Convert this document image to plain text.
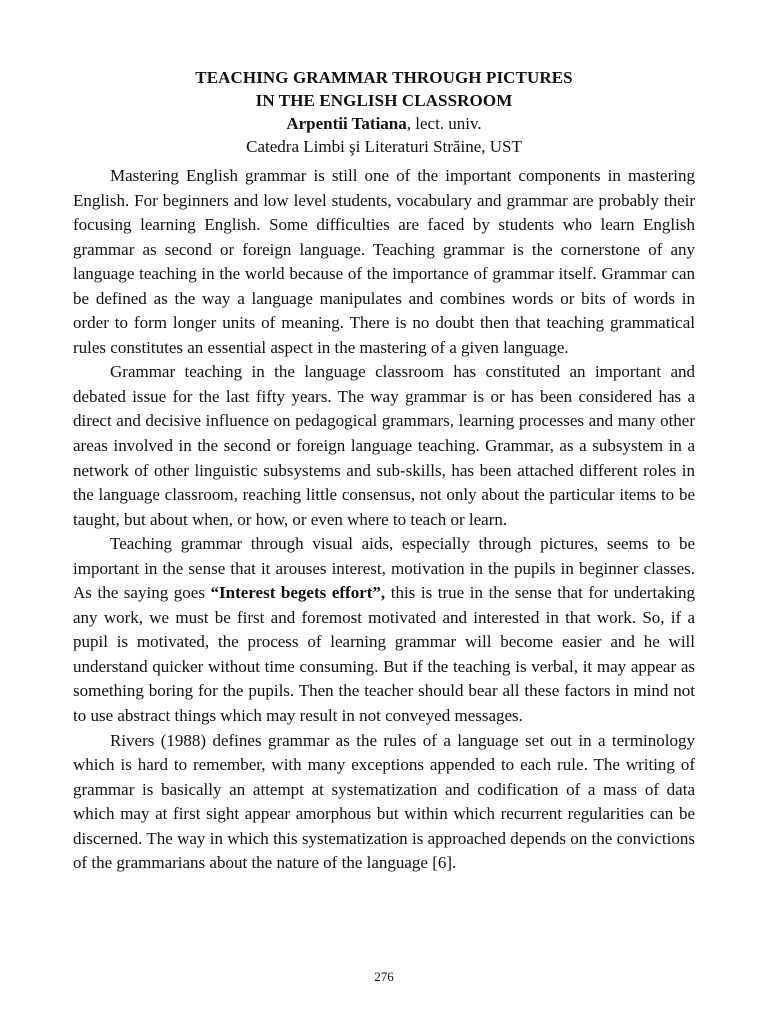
TEACHING GRAMMAR THROUGH PICTURES
IN THE ENGLISH CLASSROOM
Arpentii Tatiana, lect. univ.
Catedra Limbi şi Literaturi Străine, UST

Mastering English grammar is still one of the important components in mastering English. For beginners and low level students, vocabulary and grammar are probably their focusing learning English. Some difficulties are faced by students who learn English grammar as second or foreign language. Teaching grammar is the cornerstone of any language teaching in the world because of the importance of grammar itself. Grammar can be defined as the way a language manipulates and combines words or bits of words in order to form longer units of meaning. There is no doubt then that teaching grammatical rules constitutes an essential aspect in the mastering of a given language.

Grammar teaching in the language classroom has constituted an important and debated issue for the last fifty years. The way grammar is or has been considered has a direct and decisive influence on pedagogical grammars, learning processes and many other areas involved in the second or foreign language teaching. Grammar, as a subsystem in a network of other linguistic subsystems and sub-skills, has been attached different roles in the language classroom, reaching little consensus, not only about the particular items to be taught, but about when, or how, or even where to teach or learn.

Teaching grammar through visual aids, especially through pictures, seems to be important in the sense that it arouses interest, motivation in the pupils in beginner classes. As the saying goes “Interest begets effort”, this is true in the sense that for undertaking any work, we must be first and foremost motivated and interested in that work. So, if a pupil is motivated, the process of learning grammar will become easier and he will understand quicker without time consuming. But if the teaching is verbal, it may appear as something boring for the pupils. Then the teacher should bear all these factors in mind not to use abstract things which may result in not conveyed messages.

Rivers (1988) defines grammar as the rules of a language set out in a terminology which is hard to remember, with many exceptions appended to each rule. The writing of grammar is basically an attempt at systematization and codification of a mass of data which may at first sight appear amorphous but within which recurrent regularities can be discerned. The way in which this systematization is approached depends on the convictions of the grammarians about the nature of the language [6].

276
